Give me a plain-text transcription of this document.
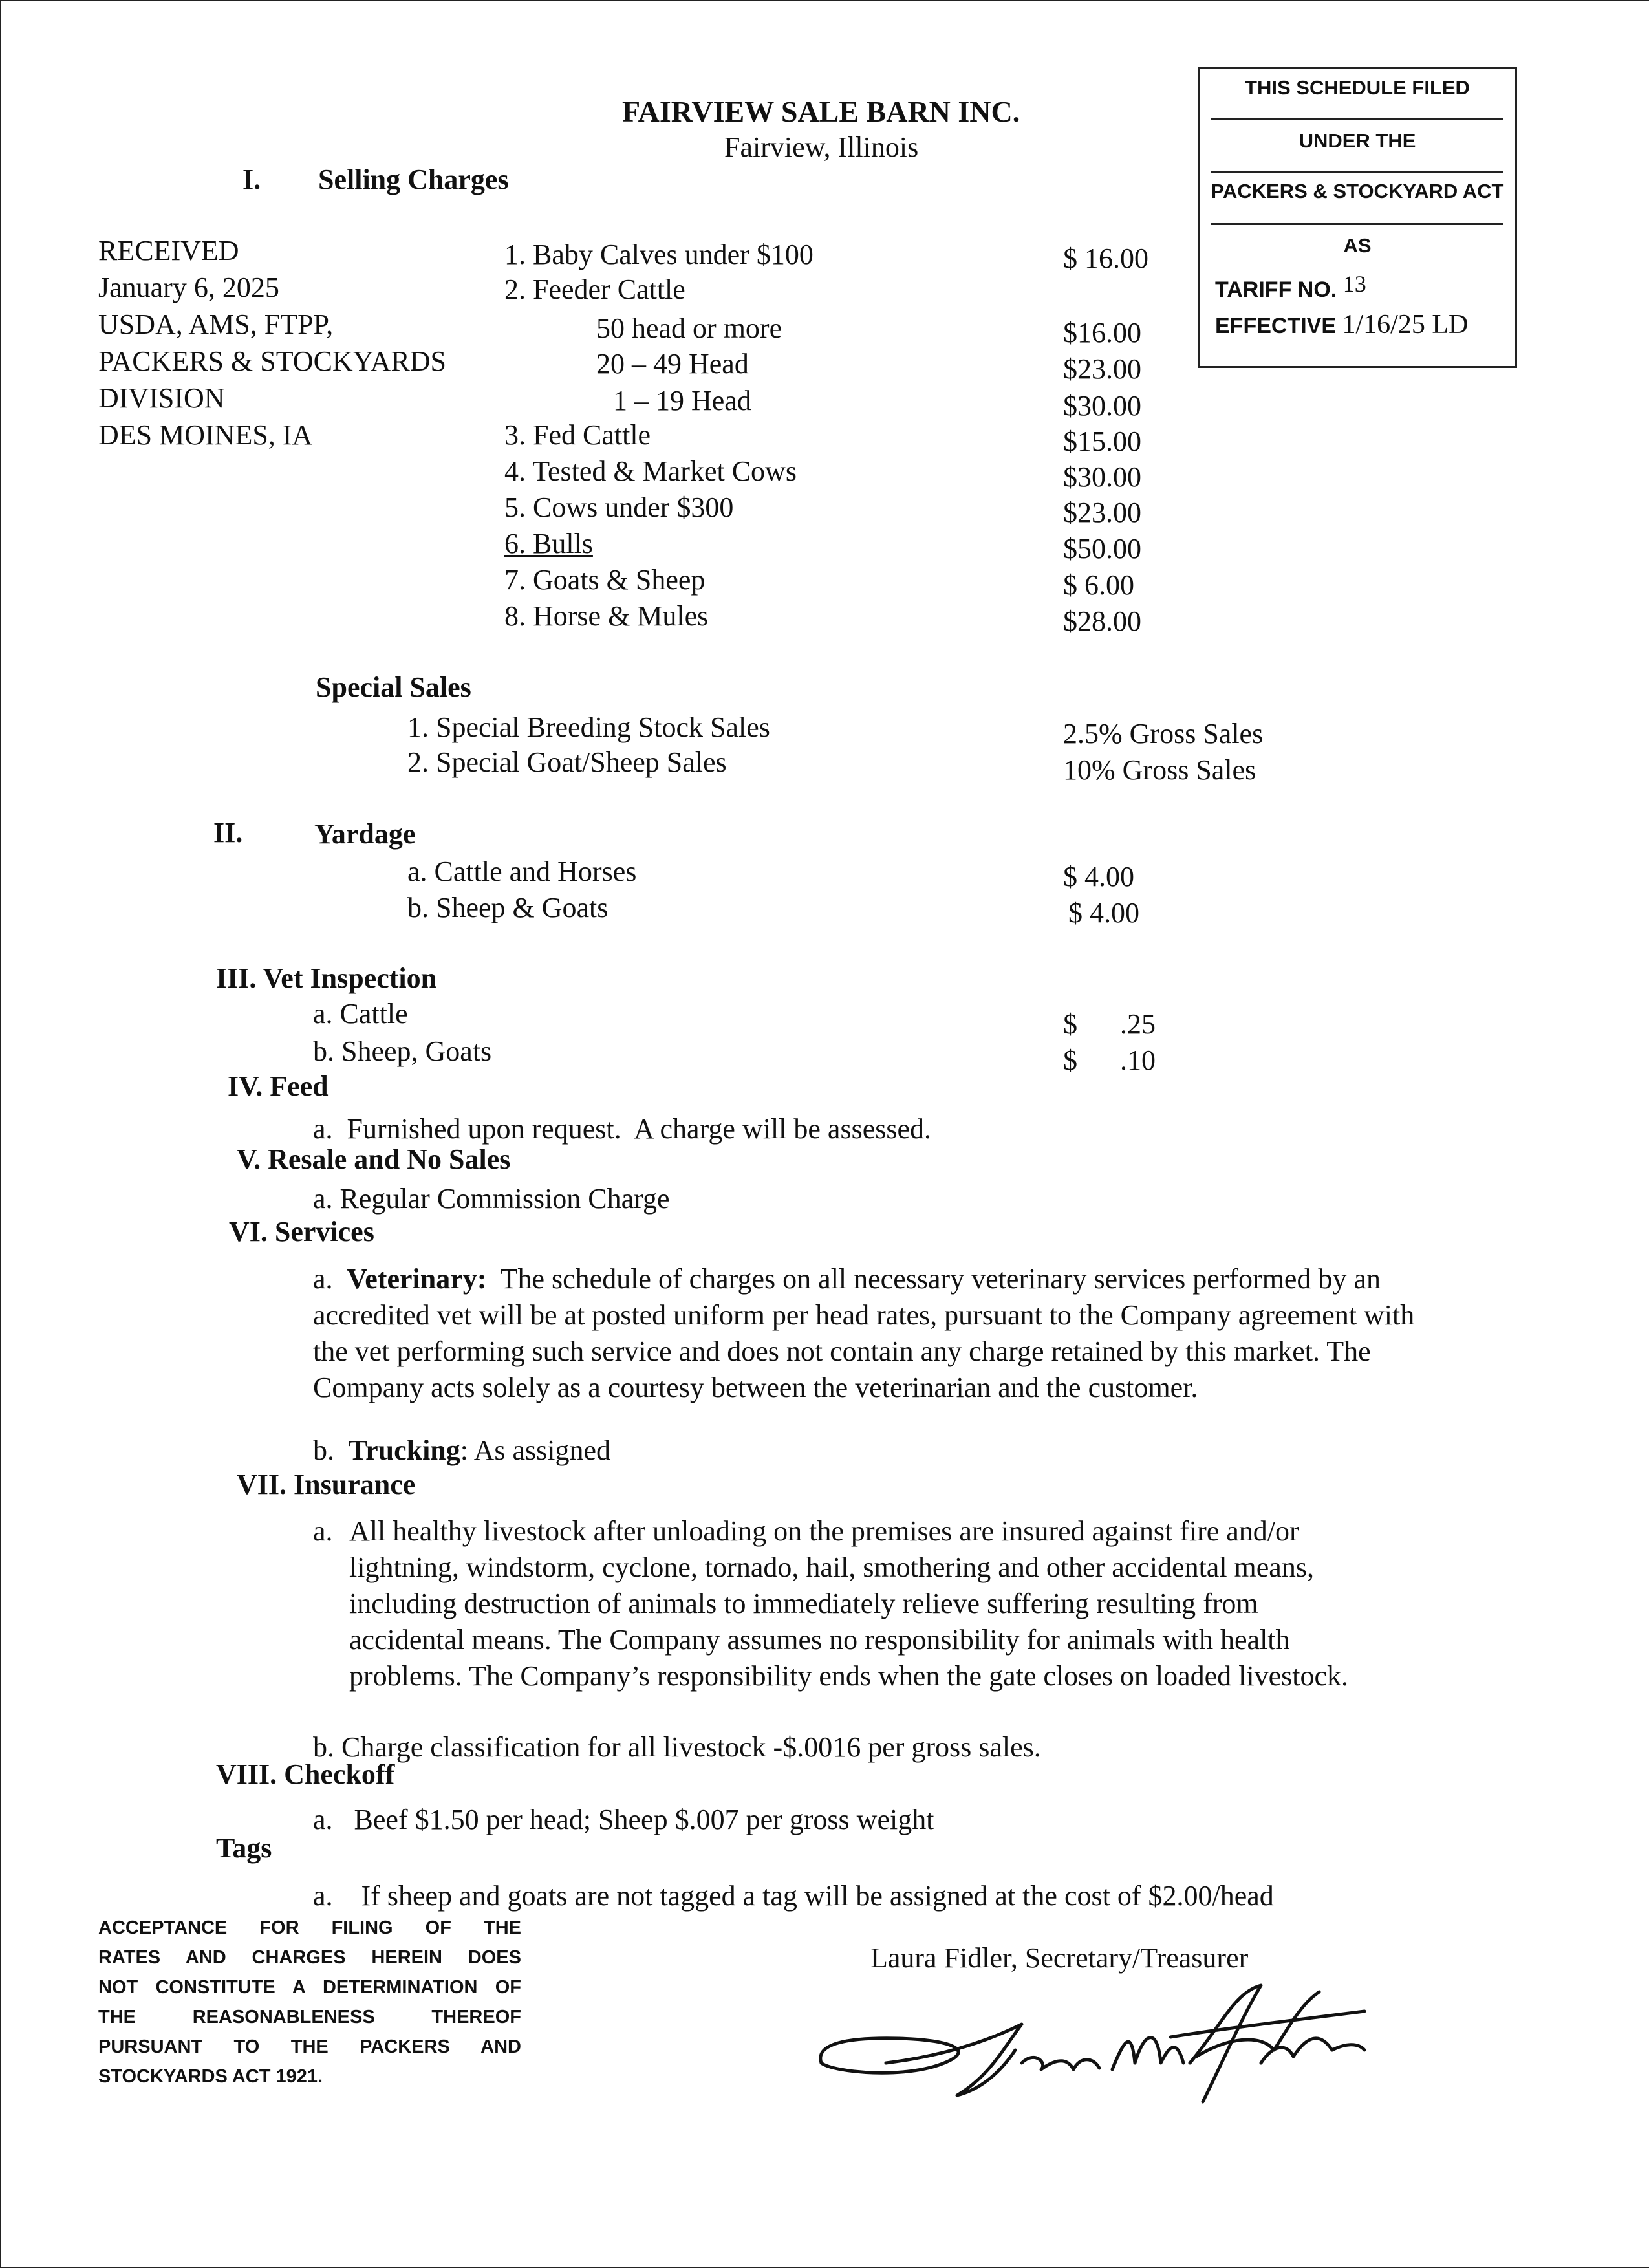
FAIRVIEW SALE BARN INC.
Fairview, Illinois
THIS SCHEDULE FILED
UNDER THE
PACKERS & STOCKYARD ACT
AS
TARIFF NO. 13
EFFECTIVE 1/16/25 LD
I. Selling Charges
RECEIVED
January 6, 2025
USDA, AMS, FTPP,
PACKERS & STOCKYARDS
DIVISION
DES MOINES, IA
1. Baby Calves under $100	$ 16.00
2. Feeder Cattle
50 head or more	$16.00
20 – 49 Head	$23.00
1 – 19 Head	$30.00
3. Fed Cattle	$15.00
4. Tested & Market Cows	$30.00
5. Cows under $300	$23.00
6. Bulls	$50.00
7. Goats & Sheep	$ 6.00
8. Horse & Mules	$28.00
Special Sales
1. Special Breeding Stock Sales	2.5% Gross Sales
2. Special Goat/Sheep Sales	10% Gross Sales
II.	Yardage
a. Cattle and Horses	$ 4.00
b. Sheep & Goats	$ 4.00
III. Vet Inspection
a. Cattle	$      .25
b. Sheep, Goats	$      .10
IV. Feed
a.  Furnished upon request.  A charge will be assessed.
V. Resale and No Sales
a. Regular Commission Charge
VI. Services
a. Veterinary: The schedule of charges on all necessary veterinary services performed by an accredited vet will be at posted uniform per head rates, pursuant to the Company agreement with the vet performing such service and does not contain any charge retained by this market. The Company acts solely as a courtesy between the veterinarian and the customer.
b. Trucking: As assigned
VII. Insurance
a. All healthy livestock after unloading on the premises are insured against fire and/or lightning, windstorm, cyclone, tornado, hail, smothering and other accidental means, including destruction of animals to immediately relieve suffering resulting from accidental means. The Company assumes no responsibility for animals with health problems. The Company’s responsibility ends when the gate closes on loaded livestock.
b. Charge classification for all livestock -$.0016 per gross sales.
VIII. Checkoff
a.   Beef $1.50 per head; Sheep $.007 per gross weight
Tags
a.    If sheep and goats are not tagged a tag will be assigned at the cost of $2.00/head
ACCEPTANCE FOR FILING OF THE
RATES AND CHARGES HEREIN DOES
NOT CONSTITUTE A DETERMINATION OF
THE REASONABLENESS THEREOF
PURSUANT TO THE PACKERS AND
STOCKYARDS ACT 1921.
Laura Fidler, Secretary/Treasurer
